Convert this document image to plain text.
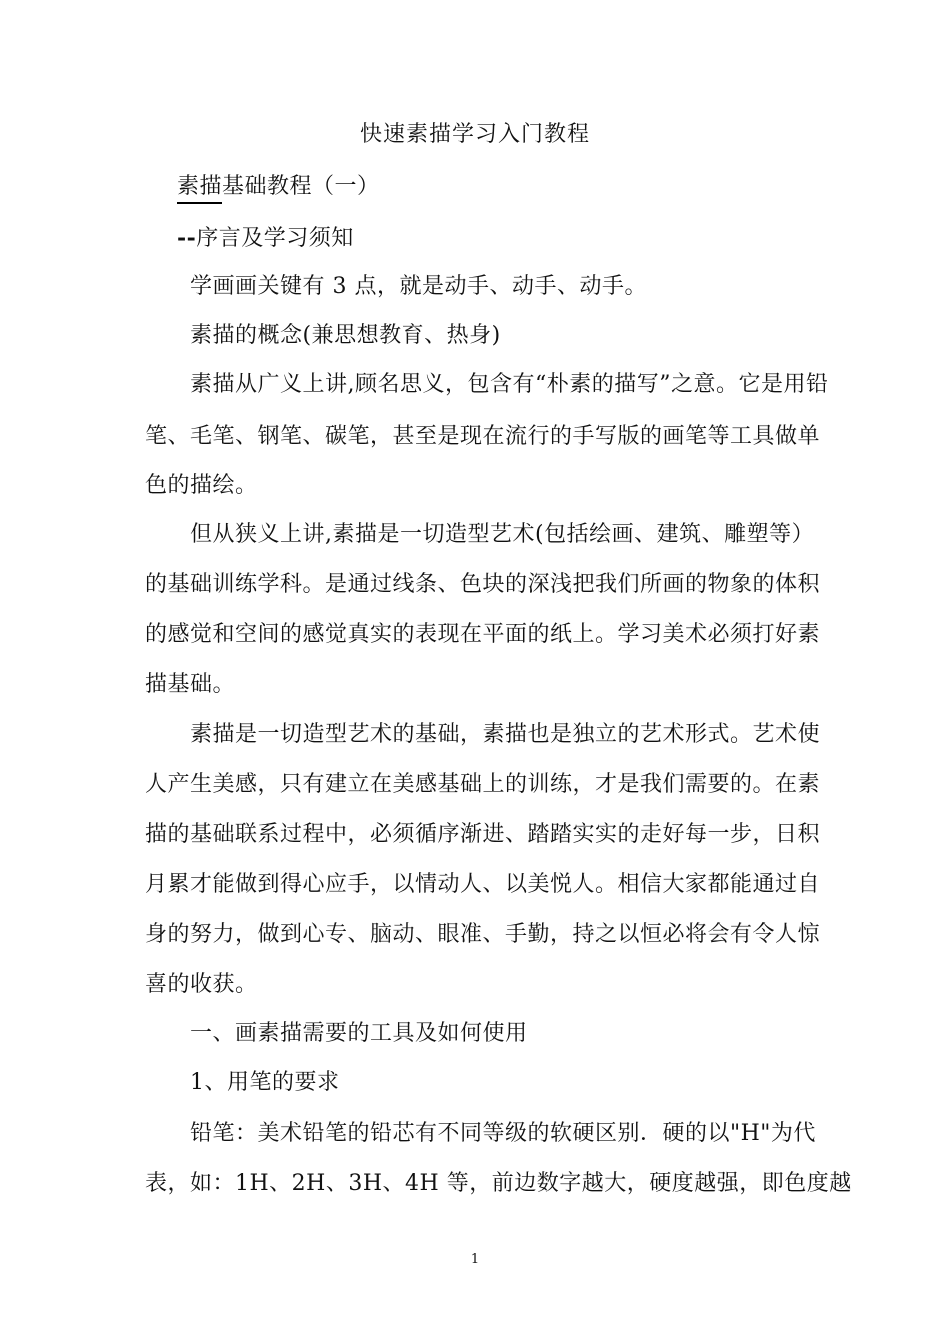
快速素描学习入门教程
素描基础教程（一）
--序言及学习须知
学画画关键有 3 点，就是动手、动手、动手。
素描的概念(兼思想教育、热身)
素描从广义上讲,顾名思义，包含有“朴素的描写”之意。它是用铅
笔、毛笔、钢笔、碳笔，甚至是现在流行的手写版的画笔等工具做单
色的描绘。
但从狭义上讲,素描是一切造型艺术(包括绘画、建筑、雕塑等）
的基础训练学科。是通过线条、色块的深浅把我们所画的物象的体积
的感觉和空间的感觉真实的表现在平面的纸上。学习美术必须打好素
描基础。
素描是一切造型艺术的基础，素描也是独立的艺术形式。艺术使
人产生美感，只有建立在美感基础上的训练，才是我们需要的。在素
描的基础联系过程中，必须循序渐进、踏踏实实的走好每一步，日积
月累才能做到得心应手，以情动人、以美悦人。相信大家都能通过自
身的努力，做到心专、脑动、眼准、手勤，持之以恒必将会有令人惊
喜的收获。
一、画素描需要的工具及如何使用
1、用笔的要求
铅笔：美术铅笔的铅芯有不同等级的软硬区别．硬的以"H"为代
表，如：1H、2H、3H、4H 等，前边数字越大，硬度越强，即色度越
1
